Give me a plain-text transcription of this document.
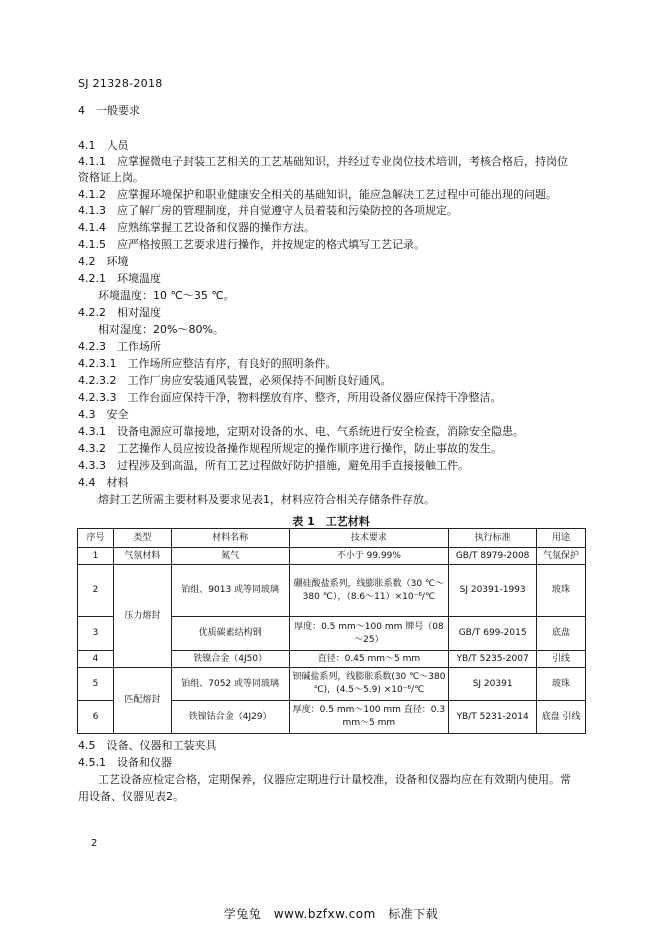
SJ 21328-2018
4　一般要求
4.1　人员
4.1.1　应掌握微电子封装工艺相关的工艺基础知识，并经过专业岗位技术培训，考核合格后，持岗位
资格证上岗。
4.1.2　应掌握环境保护和职业健康安全相关的基础知识，能应急解决工艺过程中可能出现的问题。
4.1.3　应了解厂房的管理制度，并自觉遵守人员着装和污染防控的各项规定。
4.1.4　应熟练掌握工艺设备和仪器的操作方法。
4.1.5　应严格按照工艺要求进行操作，并按规定的格式填写工艺记录。
4.2　环境
4.2.1　环境温度
环境温度：10 ℃～35 ℃。
4.2.2　相对湿度
相对湿度：20%～80%。
4.2.3　工作场所
4.2.3.1　工作场所应整洁有序，有良好的照明条件。
4.2.3.2　工作厂房应安装通风装置，必须保持不间断良好通风。
4.2.3.3　工作台面应保持干净，物料摆放有序、整齐，所用设备仪器应保持干净整洁。
4.3　安全
4.3.1　设备电源应可靠接地，定期对设备的水、电、气系统进行安全检查，消除安全隐患。
4.3.2　工艺操作人员应按设备操作规程所规定的操作顺序进行操作，防止事故的发生。
4.3.3　过程涉及到高温，所有工艺过程做好防护措施，避免用手直接接触工件。
4.4　材料
熔封工艺所需主要材料及要求见表1，材料应符合相关存储条件存放。
表 1　工艺材料
序号	类型	材料名称	技术要求	执行标准	用途
1	气氛材料	氮气	不小于 99.99%	GB/T 8979-2008	气氛保护
2	压力熔封	铂组、9013 或等同玻璃	硼硅酸盐系列，线膨胀系数（30 ℃～380 ℃），（8.6～11）×10⁻⁶/℃	SJ 20391-1993	玻珠
3		优质碳素结构钢	厚度：0.5 mm～100 mm 牌号（08～25）	GB/T 699-2015	底盘
4		铁镍合金（4J50）	直径：0.45 mm～5 mm	YB/T 5235-2007	引线
5	匹配熔封	铂组、7052 或等同玻璃	钡碱盐系列，线膨胀系数(30 ℃～380 ℃)，(4.5～5.9) ×10⁻⁶/℃	SJ 20391	玻珠
6		铁镍钴合金（4J29）	厚度：0.5 mm～100 mm 直径：0.3 mm～5 mm	YB/T 5231-2014	底盘 引线
4.5　设备、仪器和工装夹具
4.5.1　设备和仪器
工艺设备应检定合格，定期保养，仪器应定期进行计量校准，设备和仪器均应在有效期内使用。常
用设备、仪器见表2。
2
学兔兔　www.bzfxw.com　标准下载
